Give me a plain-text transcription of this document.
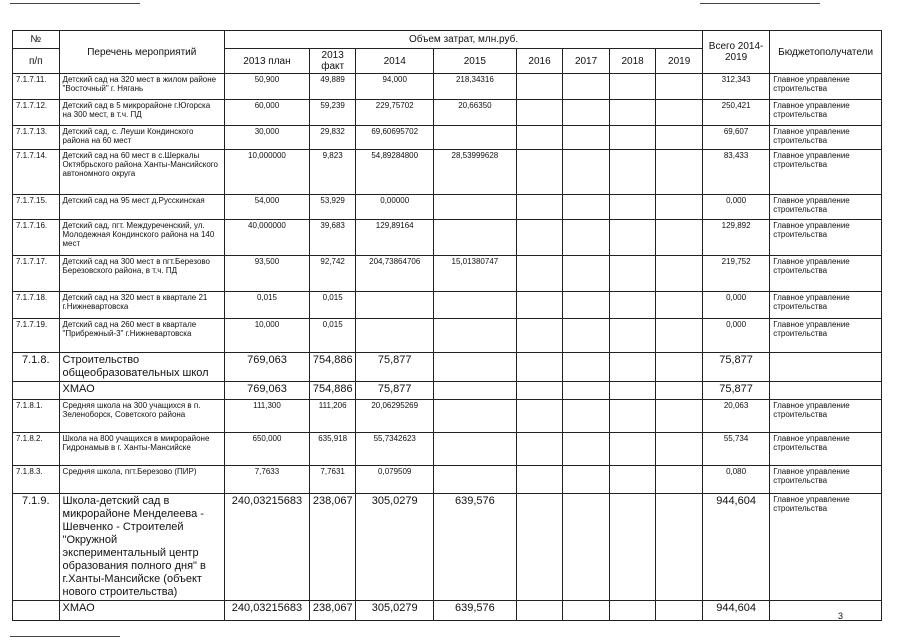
№	Перечень мероприятий	Объем затрат, млн.руб.								Всего 2014-2019	Бюджетополучатели
п/п		2013 план	2013 факт	2014	2015	2016	2017	2018	2019		
7.1.7.11.	Детский сад на 320 мест в жилом районе "Восточный" г. Нягань	50,900	49,889	94,000	218,34316					312,343	Главное управление строительства
7.1.7.12.	Детский сад в 5 микрорайоне г.Югорска на 300 мест, в т.ч. ПД	60,000	59,239	229,75702	20,66350					250,421	Главное управление строительства
7.1.7.13.	Детский сад, с. Леуши Кондинского района на 60 мест	30,000	29,832	69,60695702						69,607	Главное управление строительства
7.1.7.14.	Детский сад на 60 мест в с.Шеркалы Октябрьского района Ханты-Мансийского автономного округа	10,000000	9,823	54,89284800	28,53999628					83,433	Главное управление строительства
7.1.7.15.	Детский сад на 95 мест д.Русскинская	54,000	53,929	0,00000						0,000	Главное управление строительства
7.1.7.16.	Детский сад, пгт. Междуреченский, ул. Молодежная Кондинского района на 140 мест	40,000000	39,683	129,89164						129,892	Главное управление строительства
7.1.7.17.	Детский сад на 300 мест в пгт.Березово Березовского района, в т.ч. ПД	93,500	92,742	204,73864706	15,01380747					219,752	Главное управление строительства
7.1.7.18.	Детский сад на 320 мест в квартале 21 г.Нижневартовска	0,015	0,015							0,000	Главное управление строительства
7.1.7.19.	Детский сад на 260 мест в квартале "Прибрежный-3" г.Нижневартовска	10,000	0,015							0,000	Главное управление строительства
7.1.8.	Строительство общеобразовательных школ	769,063	754,886	75,877						75,877	
	ХМАО	769,063	754,886	75,877						75,877	
7.1.8.1.	Средняя школа на 300 учащихся в п. Зеленоборск, Советского района	111,300	111,206	20,06295269						20,063	Главное управление строительства
7.1.8.2.	Школа на 800 учащихся в микрорайоне Гидронамыв в г. Ханты-Мансийске	650,000	635,918	55,7342623						55,734	Главное управление строительства
7.1.8.3.	Средняя школа, пгт.Березово (ПИР)	7,7633	7,7631	0,079509						0,080	Главное управление строительства
7.1.9.	Школа-детский сад в микрорайоне Менделеева - Шевченко - Строителей "Окружной экспериментальный центр образования полного дня" в г.Ханты-Мансийске (объект нового строительства)	240,03215683	238,067	305,0279	639,576					944,604	Главное управление строительства
	ХМАО	240,03215683	238,067	305,0279	639,576					944,604	
3
